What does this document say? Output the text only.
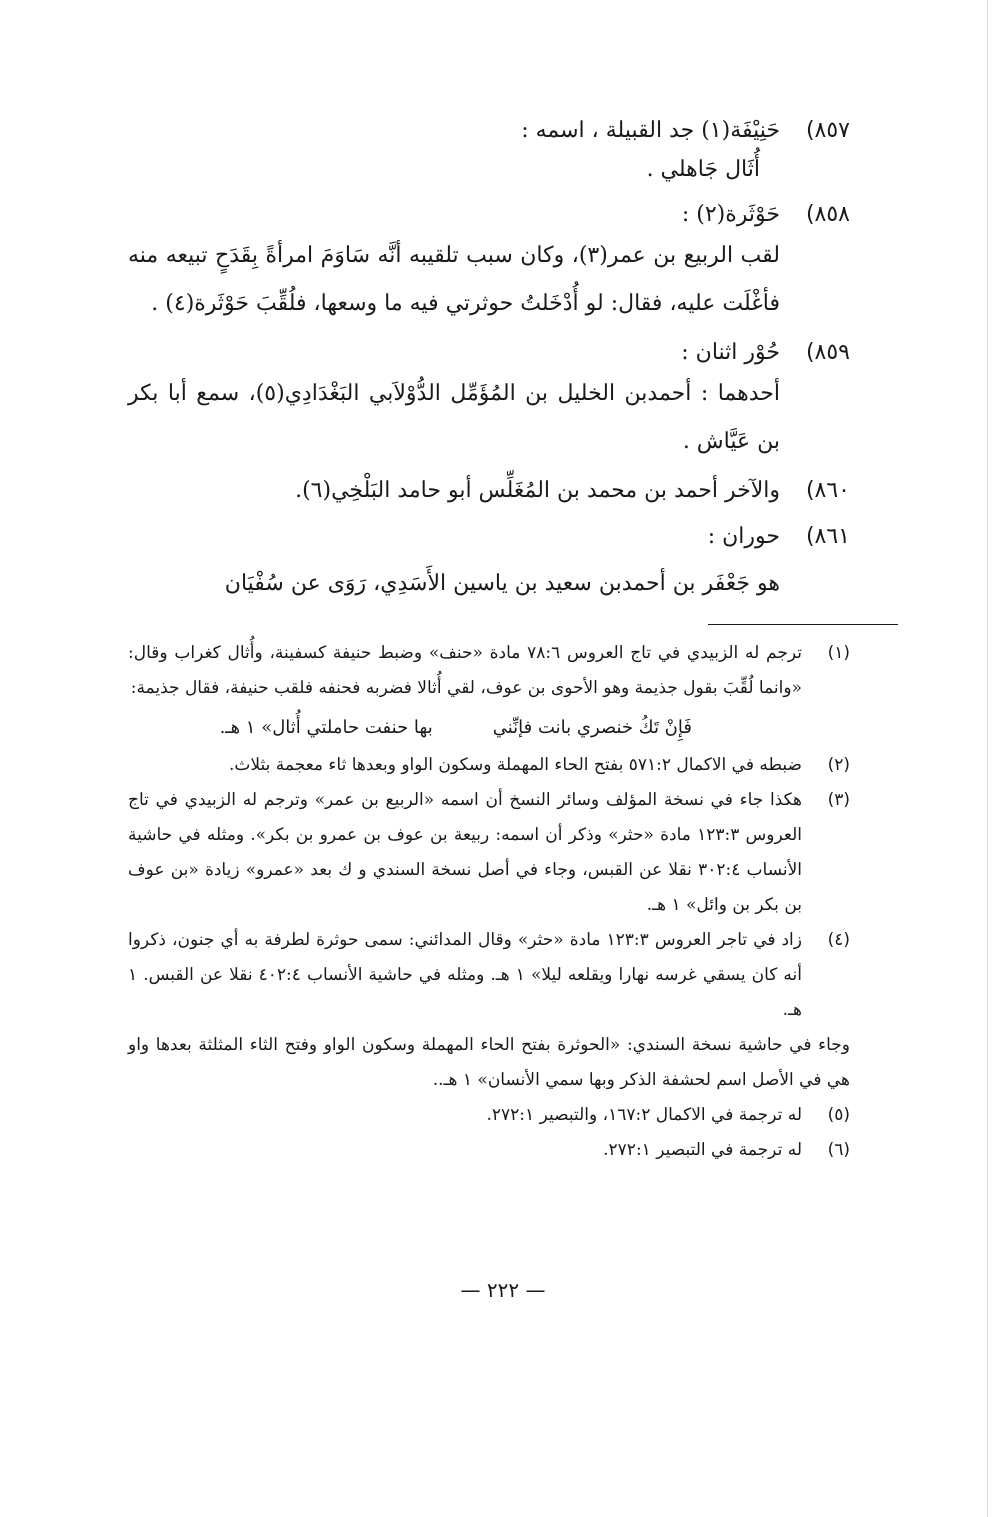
٨٥٧)
حَنِيْفَة(١) جد القبيلة ، اسمه :
أُثَال جَاهلي .
٨٥٨)
حَوْثَرة(٢) :
لقب الربيع بن عمر(٣)، وكان سبب تلقيبه أنَّه سَاوَمَ امرأةً بِقَدَحٍ تبيعه منه فأغْلَت عليه، فقال: لو أُدْخَلتُ حوثرتي فيه ما وسعها، فلُقِّبَ حَوْثَرة(٤) .
٨٥٩)
حُوْر اثنان :
أحدهما : أحمدبن الخليل بن المُؤَمِّل الدُّوْلاَبي البَغْدَادِي(٥)، سمع أبا بكر بن عَيَّاش .
٨٦٠)
والآخر أحمد بن محمد بن المُغَلِّس أبو حامد البَلْخِي(٦).
٨٦١)
حوران :
هو جَعْفَر بن أحمدبن سعيد بن ياسين الأَسَدِي، رَوَى عن سُفْيَان
(١)
ترجم له الزبيدي في تاج العروس ٧٨:٦ مادة «حنف» وضبط حنيفة كسفينة، وأُثال كغراب وقال: «وانما لُقِّبَ بقول جذيمة وهو الأحوى بن عوف، لقي أُثالا فضربه فحنفه فلقب حنيفة، فقال جذيمة:
فَإِنْ تَكُ خنصري بانت فإنِّني
بها حنفت حاملتي أُثال» ١ هـ.
(٢)
ضبطه في الاكمال ٥٧١:٢ بفتح الحاء المهملة وسكون الواو وبعدها ثاء معجمة بثلاث.
(٣)
هكذا جاء في نسخة المؤلف وسائر النسخ أن اسمه «الربيع بن عمر» وترجم له الزبيدي في تاج العروس ١٢٣:٣ مادة «حثر» وذكر أن اسمه: ربيعة بن عوف بن عمرو بن بكر». ومثله في حاشية الأنساب ٣٠٢:٤ نقلا عن القبس، وجاء في أصل نسخة السندي و ك بعد «عمرو» زيادة «بن عوف بن بكر بن وائل» ١ هـ.
(٤)
زاد في تاجر العروس ١٢٣:٣ مادة «حثر» وقال المدائني: سمى حوثرة لطرفة به أي جنون، ذكروا أنه كان يسقي غرسه نهارا ويقلعه ليلا» ١ هـ. ومثله في حاشية الأنساب ٤٠٢:٤ نقلا عن القبس. ١ هـ.
وجاء في حاشية نسخة السندي: «الحوثرة بفتح الحاء المهملة وسكون الواو وفتح الثاء المثلثة بعدها واو هي في الأصل اسم لحشفة الذكر وبها سمي الأنسان» ١ هـ..
(٥)
له ترجمة في الاكمال ١٦٧:٢، والتبصير ٢٧٢:١.
(٦)
له ترجمة في التبصير ٢٧٢:١.
— ٢٢٢ —
